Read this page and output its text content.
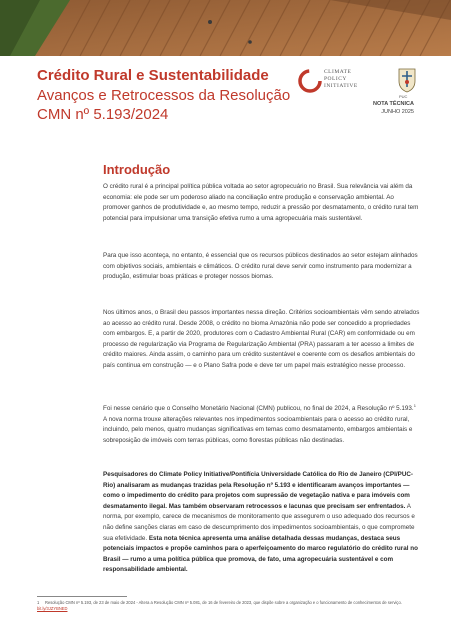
Crédito Rural e Sustentabilidade
Avanços e Retrocessos da Resolução CMN nº 5.193/2024
CLIMATE
POLICY
INITIATIVE
PUC
NOTA TÉCNICA
JUNHO 2025
Introdução

O crédito rural é a principal política pública voltada ao setor agropecuário no Brasil. Sua relevância vai além da economia: ele pode ser um poderoso aliado na conciliação entre produção e conservação ambiental. Ao promover ganhos de produtividade e, ao mesmo tempo, reduzir a pressão por desmatamento, o crédito rural tem potencial para impulsionar uma transição efetiva rumo a uma agropecuária mais sustentável.

Para que isso aconteça, no entanto, é essencial que os recursos públicos destinados ao setor estejam alinhados com objetivos sociais, ambientais e climáticos. O crédito rural deve servir como instrumento para modernizar a produção, estimular boas práticas e proteger nossos biomas.

Nos últimos anos, o Brasil deu passos importantes nessa direção. Critérios socioambientais vêm sendo atrelados ao acesso ao crédito rural. Desde 2008, o crédito no bioma Amazônia não pode ser concedido a propriedades com embargos. E, a partir de 2020, produtores com o Cadastro Ambiental Rural (CAR) em conformidade ou em processo de regularização via Programa de Regularização Ambiental (PRA) passaram a ter acesso a limites de crédito maiores. Ainda assim, o caminho para um crédito sustentável e coerente com os desafios ambientais do país continua em construção — e o Plano Safra pode e deve ter um papel mais estratégico nesse processo.

Foi nesse cenário que o Conselho Monetário Nacional (CMN) publicou, no final de 2024, a Resolução nº 5.193.$^1$ A nova norma trouxe alterações relevantes nos impedimentos socioambientais para o acesso ao crédito rural, incluindo, pelo menos, quatro mudanças significativas em temas como desmatamento, embargos ambientais e sobreposição de imóveis com terras públicas, como florestas públicas não destinadas.

Pesquisadores do Climate Policy Initiative/Pontifícia Universidade Católica do Rio de Janeiro (CPI/PUC-Rio) analisaram as mudanças trazidas pela Resolução nº 5.193 e identificaram avanços importantes — como o impedimento do crédito para projetos com supressão de vegetação nativa e para imóveis com desmatamento ilegal. Mas também observaram retrocessos e lacunas que precisam ser enfrentados. A norma, por exemplo, carece de mecanismos de monitoramento que assegurem o uso adequado dos recursos e não define sanções claras em caso de descumprimento dos impedimentos socioambientais, o que compromete sua efetividade. Esta nota técnica apresenta uma análise detalhada dessas mudanças, destaca seus potenciais impactos e propõe caminhos para o aperfeiçoamento do marco regulatório do crédito rural no Brasil — rumo a uma política pública que promova, de fato, uma agropecuária sustentável e com responsabilidade ambiental.

1 Resolução CMN nº 5.193, de 23 de maio de 2024 - Altera a Resolução CMN nº 5.081, de 16 de fevereiro de 2023, que dispõe sobre a organização e o funcionamento de conhecimentos de serviço. bit.ly/3JZYBNED
